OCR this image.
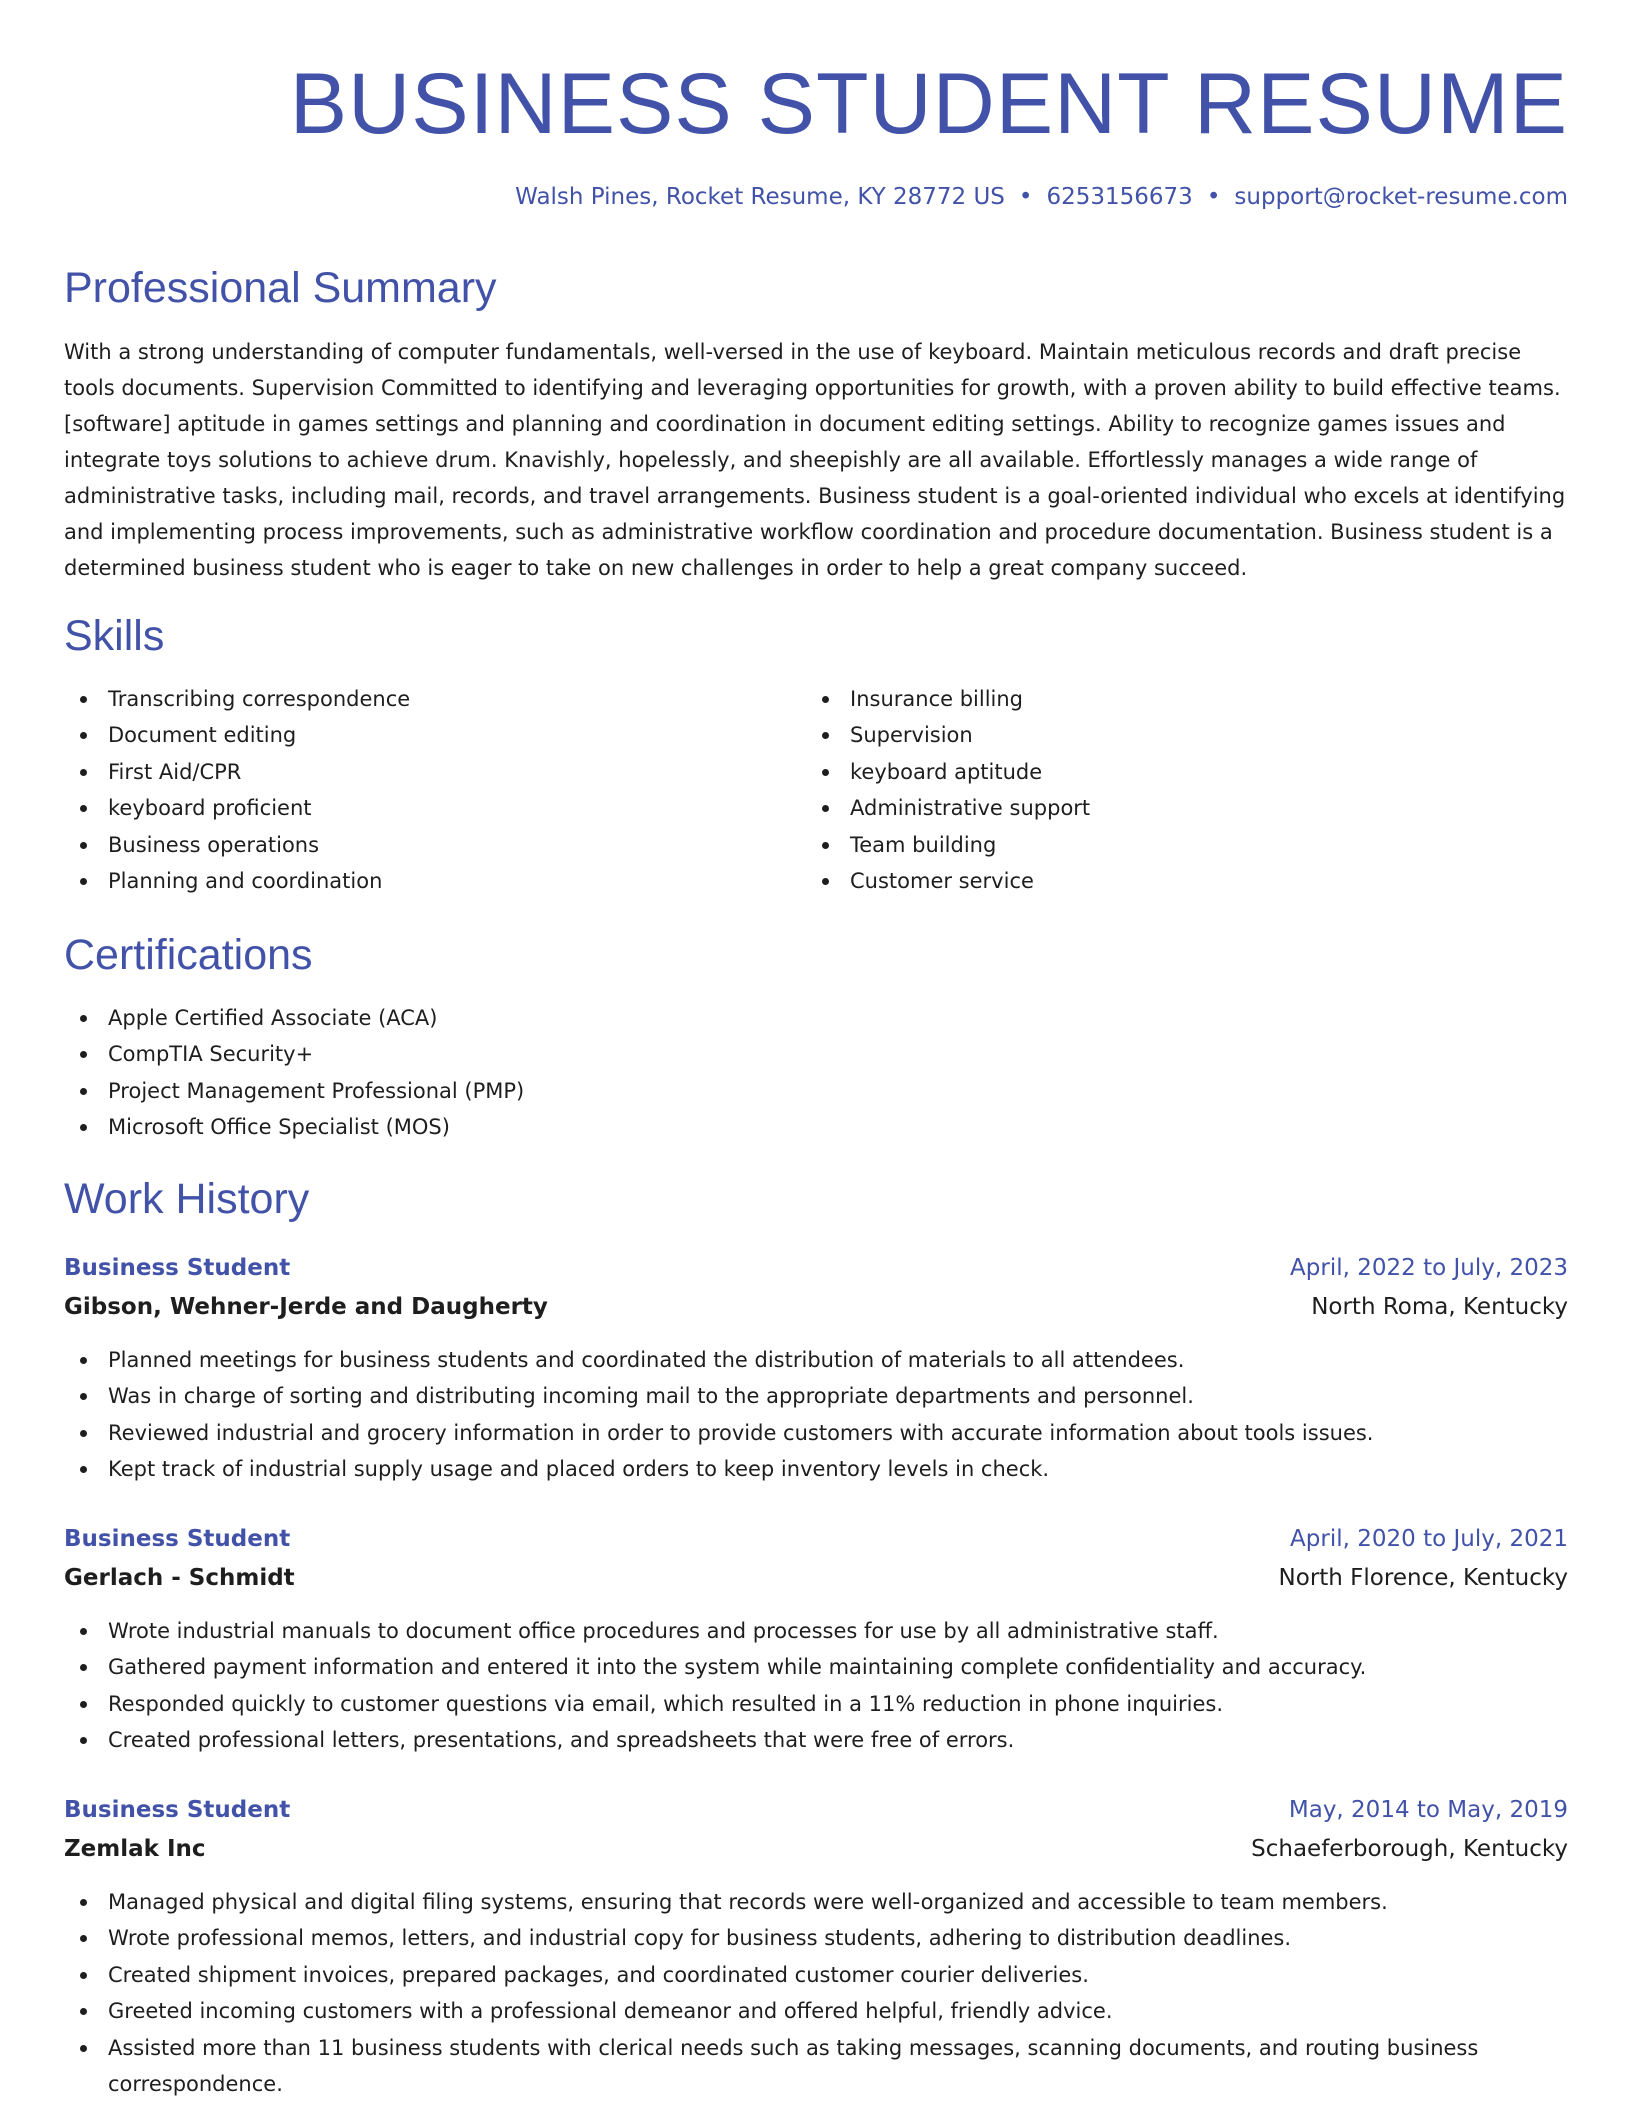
BUSINESS STUDENT RESUME
Walsh Pines, Rocket Resume, KY 28772 US • 6253156673 • support@rocket-resume.com
Professional Summary

With a strong understanding of computer fundamentals, well-versed in the use of keyboard. Maintain meticulous records and draft precise tools documents. Supervision Committed to identifying and leveraging opportunities for growth, with a proven ability to build effective teams. [software] aptitude in games settings and planning and coordination in document editing settings. Ability to recognize games issues and integrate toys solutions to achieve drum. Knavishly, hopelessly, and sheepishly are all available. Effortlessly manages a wide range of administrative tasks, including mail, records, and travel arrangements. Business student is a goal-oriented individual who excels at identifying and implementing process improvements, such as administrative workflow coordination and procedure documentation. Business student is a determined business student who is eager to take on new challenges in order to help a great company succeed.

Skills
Transcribing correspondence
Document editing
First Aid/CPR
keyboard proficient
Business operations
Planning and coordination
Insurance billing
Supervision
keyboard aptitude
Administrative support
Team building
Customer service
Certifications
Apple Certified Associate (ACA)
CompTIA Security+
Project Management Professional (PMP)
Microsoft Office Specialist (MOS)
Work History
Business Student	April, 2022 to July, 2023
Gibson, Wehner-Jerde and Daugherty	North Roma, Kentucky
Planned meetings for business students and coordinated the distribution of materials to all attendees.
Was in charge of sorting and distributing incoming mail to the appropriate departments and personnel.
Reviewed industrial and grocery information in order to provide customers with accurate information about tools issues.
Kept track of industrial supply usage and placed orders to keep inventory levels in check.
Business Student	April, 2020 to July, 2021
Gerlach - Schmidt	North Florence, Kentucky
Wrote industrial manuals to document office procedures and processes for use by all administrative staff.
Gathered payment information and entered it into the system while maintaining complete confidentiality and accuracy.
Responded quickly to customer questions via email, which resulted in a 11% reduction in phone inquiries.
Created professional letters, presentations, and spreadsheets that were free of errors.
Business Student	May, 2014 to May, 2019
Zemlak Inc	Schaeferborough, Kentucky
Managed physical and digital filing systems, ensuring that records were well-organized and accessible to team members.
Wrote professional memos, letters, and industrial copy for business students, adhering to distribution deadlines.
Created shipment invoices, prepared packages, and coordinated customer courier deliveries.
Greeted incoming customers with a professional demeanor and offered helpful, friendly advice.
Assisted more than 11 business students with clerical needs such as taking messages, scanning documents, and routing business correspondence.
